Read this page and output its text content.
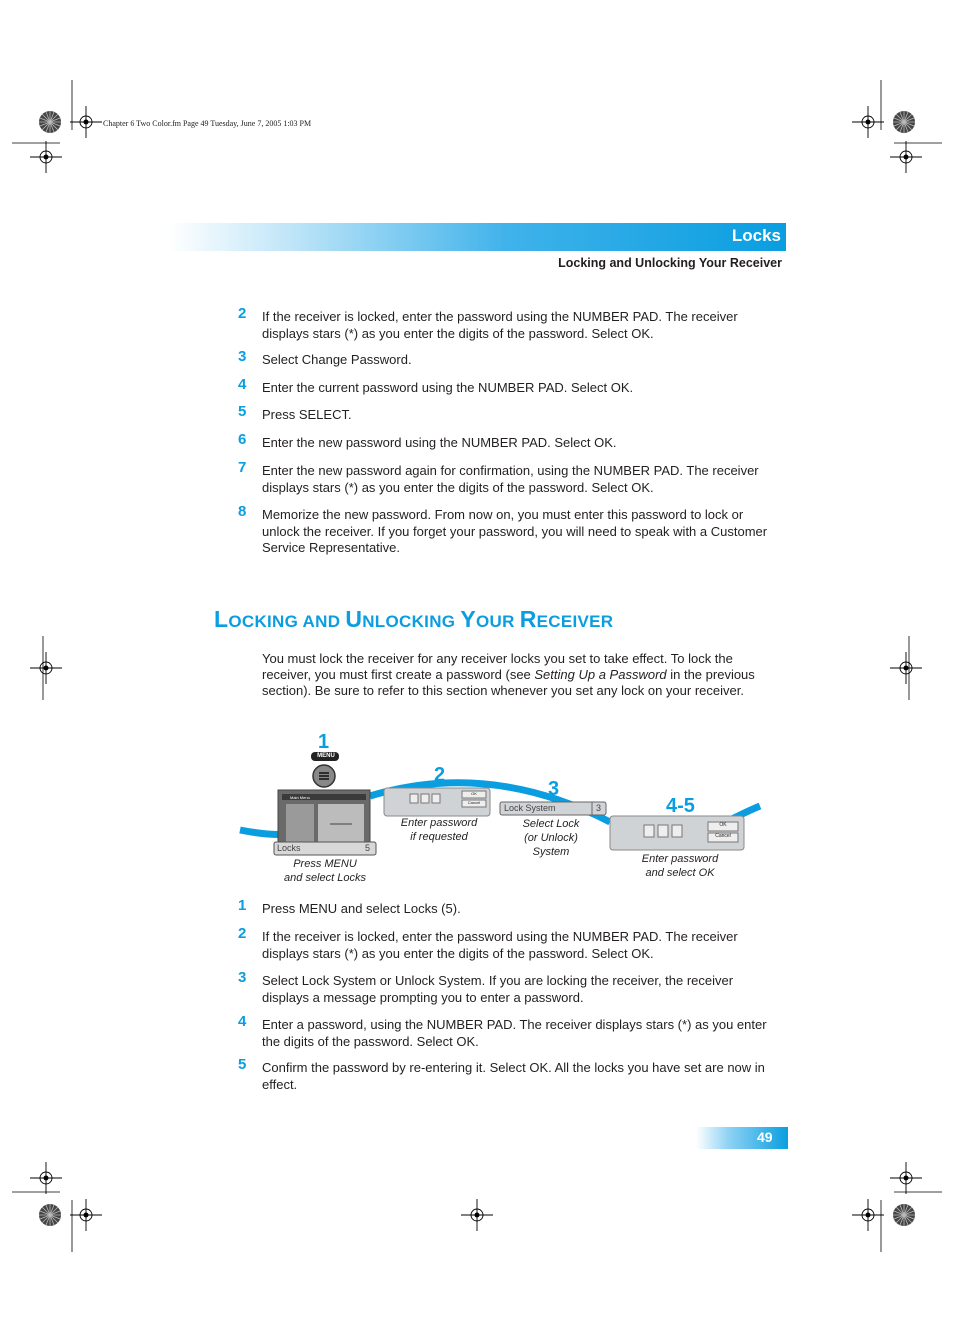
Chapter 6 Two Color.fm Page 49 Tuesday, June 7, 2005 1:03 PM
Locks
Locking and Unlocking Your Receiver
2 If the receiver is locked, enter the password using the NUMBER PAD. The receiver displays stars (*) as you enter the digits of the password. Select OK.
3 Select Change Password.
4 Enter the current password using the NUMBER PAD. Select OK.
5 Press SELECT.
6 Enter the new password using the NUMBER PAD. Select OK.
7 Enter the new password again for confirmation, using the NUMBER PAD. The receiver displays stars (*) as you enter the digits of the password. Select OK.
8 Memorize the new password. From now on, you must enter this password to lock or unlock the receiver. If you forget your password, you will need to speak with a Customer Service Representative.
LOCKING AND UNLOCKING YOUR RECEIVER
You must lock the receiver for any receiver locks you set to take effect. To lock the receiver, you must first create a password (see Setting Up a Password in the previous section). Be sure to refer to this section whenever you set any lock on your receiver.
1
2
3
4-5
MENU
Main Menu
Locks	5
Lock System	3
OK
Cancel
OK
Cancel
Press MENU
and select Locks
Enter password
if requested
Select Lock
(or Unlock)
System
Enter password
and select OK
1 Press MENU and select Locks (5).
2 If the receiver is locked, enter the password using the NUMBER PAD. The receiver displays stars (*) as you enter the digits of the password. Select OK.
3 Select Lock System or Unlock System. If you are locking the receiver, the receiver displays a message prompting you to enter a password.
4 Enter a password, using the NUMBER PAD. The receiver displays stars (*) as you enter the digits of the password. Select OK.
5 Confirm the password by re-entering it. Select OK. All the locks you have set are now in effect.
49
